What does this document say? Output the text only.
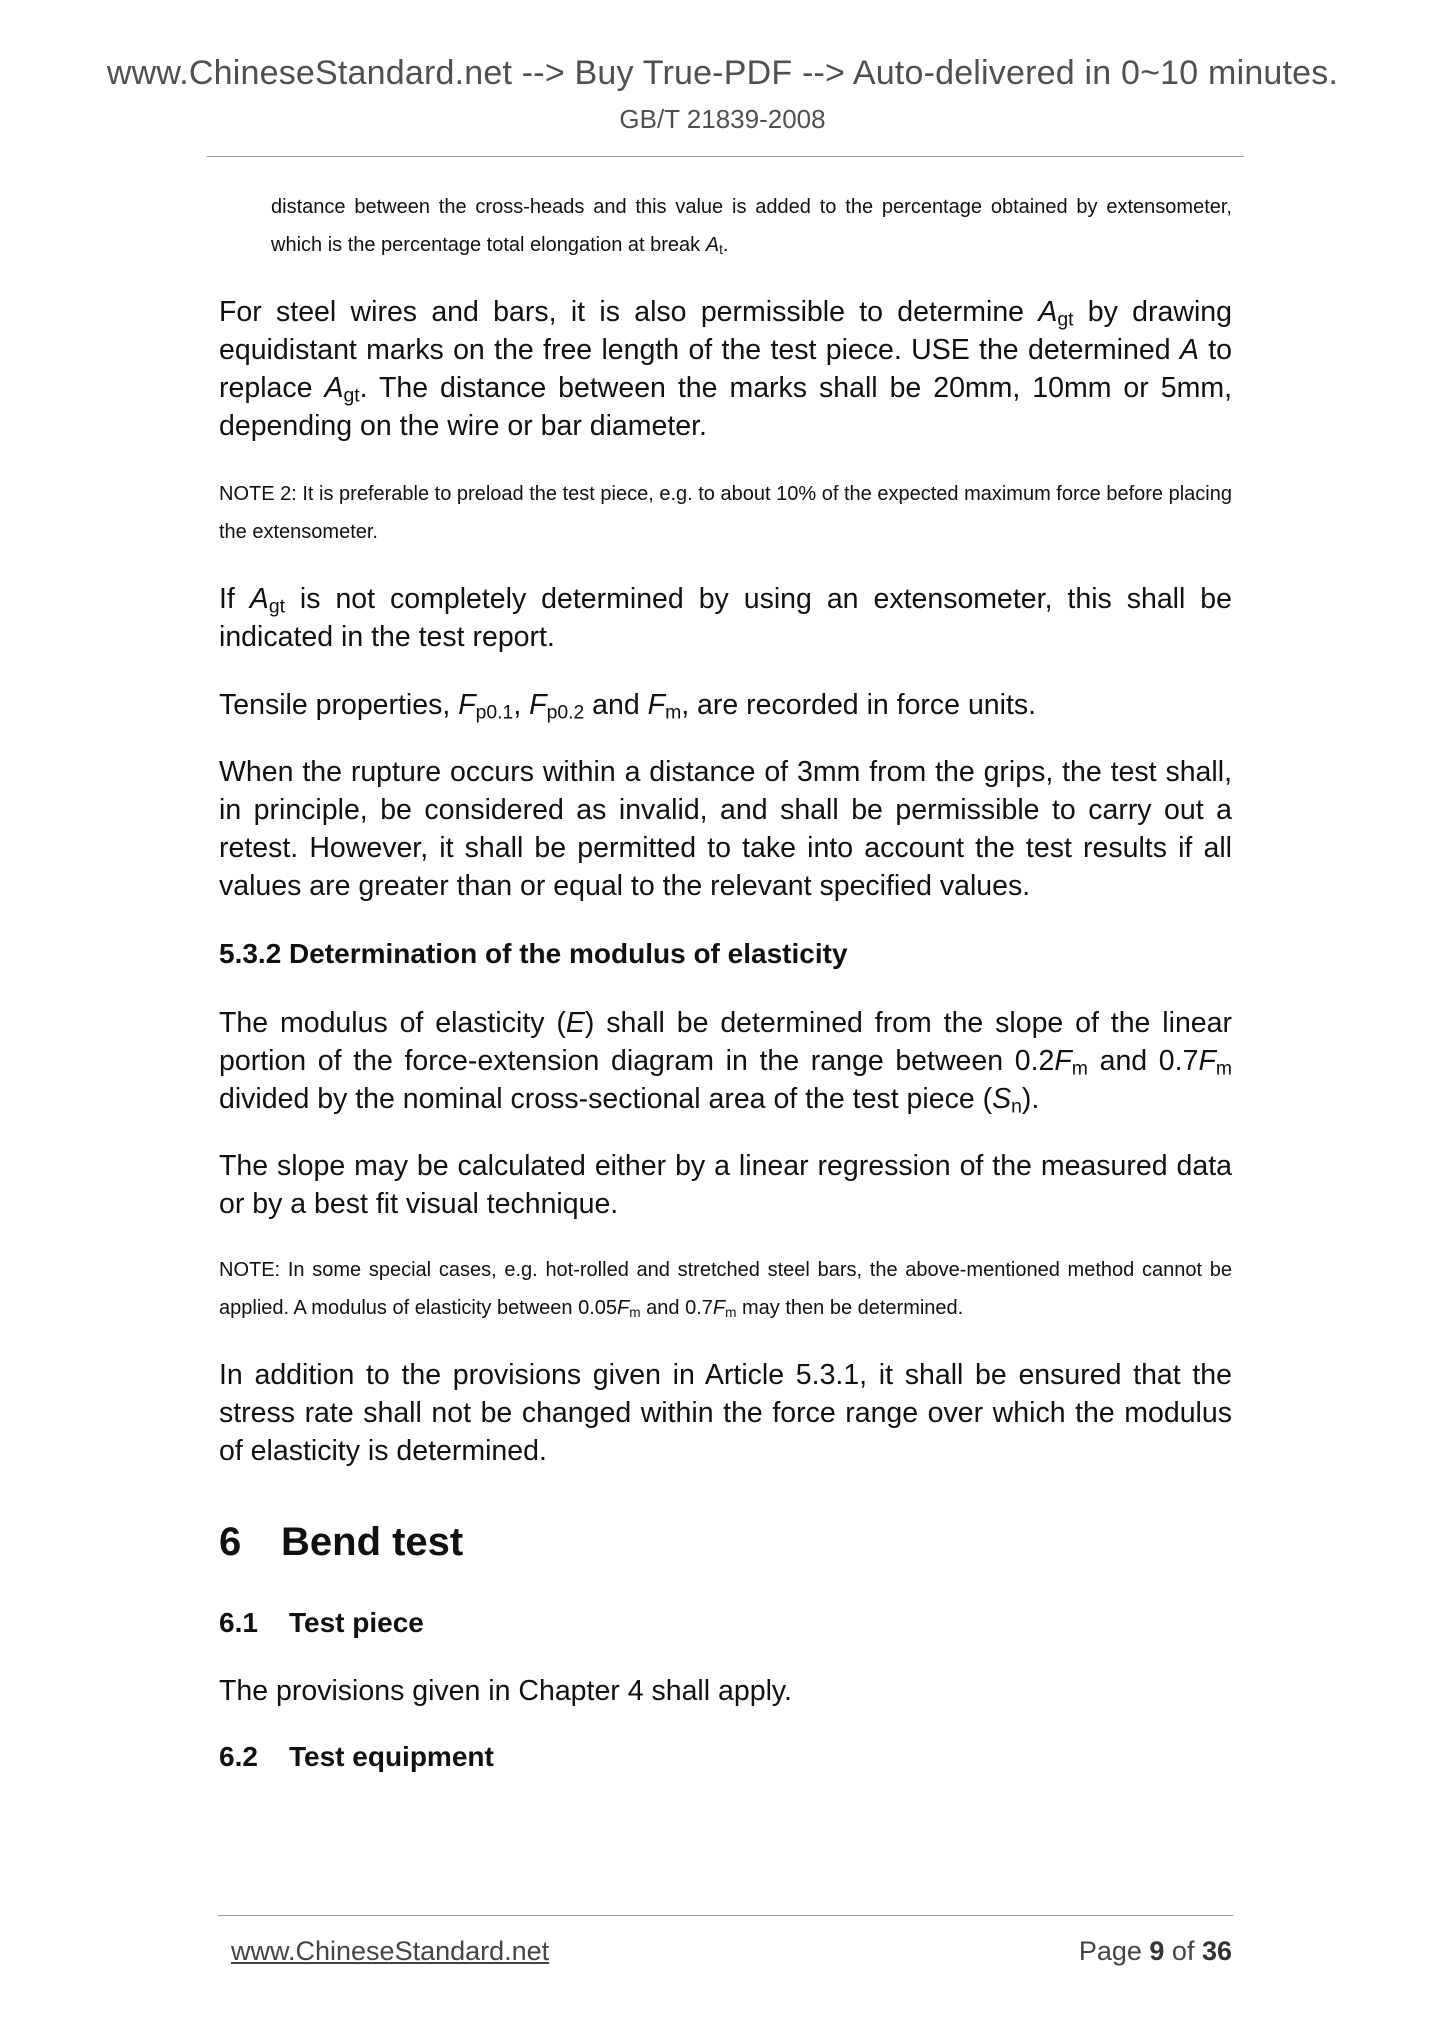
www.ChineseStandard.net --> Buy True-PDF --> Auto-delivered in 0~10 minutes.
GB/T 21839-2008
distance between the cross-heads and this value is added to the percentage obtained by extensometer, which is the percentage total elongation at break $A_t$.
For steel wires and bars, it is also permissible to determine $A_{gt}$ by drawing equidistant marks on the free length of the test piece. USE the determined A to replace $A_{gt}$. The distance between the marks shall be 20mm, 10mm or 5mm, depending on the wire or bar diameter.
NOTE 2: It is preferable to preload the test piece, e.g. to about 10% of the expected maximum force before placing the extensometer.
If $A_{gt}$ is not completely determined by using an extensometer, this shall be indicated in the test report.
Tensile properties, $F_{p0.1}$, $F_{p0.2}$ and $F_m$, are recorded in force units.
When the rupture occurs within a distance of 3mm from the grips, the test shall, in principle, be considered as invalid, and shall be permissible to carry out a retest. However, it shall be permitted to take into account the test results if all values are greater than or equal to the relevant specified values.
5.3.2 Determination of the modulus of elasticity
The modulus of elasticity (E) shall be determined from the slope of the linear portion of the force-extension diagram in the range between $0.2F_m$ and $0.7F_m$ divided by the nominal cross-sectional area of the test piece $(S_n)$.
The slope may be calculated either by a linear regression of the measured data or by a best fit visual technique.
NOTE: In some special cases, e.g. hot-rolled and stretched steel bars, the above-mentioned method cannot be applied. A modulus of elasticity between $0.05F_m$ and $0.7F_m$ may then be determined.
In addition to the provisions given in Article 5.3.1, it shall be ensured that the stress rate shall not be changed within the force range over which the modulus of elasticity is determined.
6 Bend test
6.1 Test piece
The provisions given in Chapter 4 shall apply.
6.2 Test equipment
www.ChineseStandard.net	Page 9 of 36
